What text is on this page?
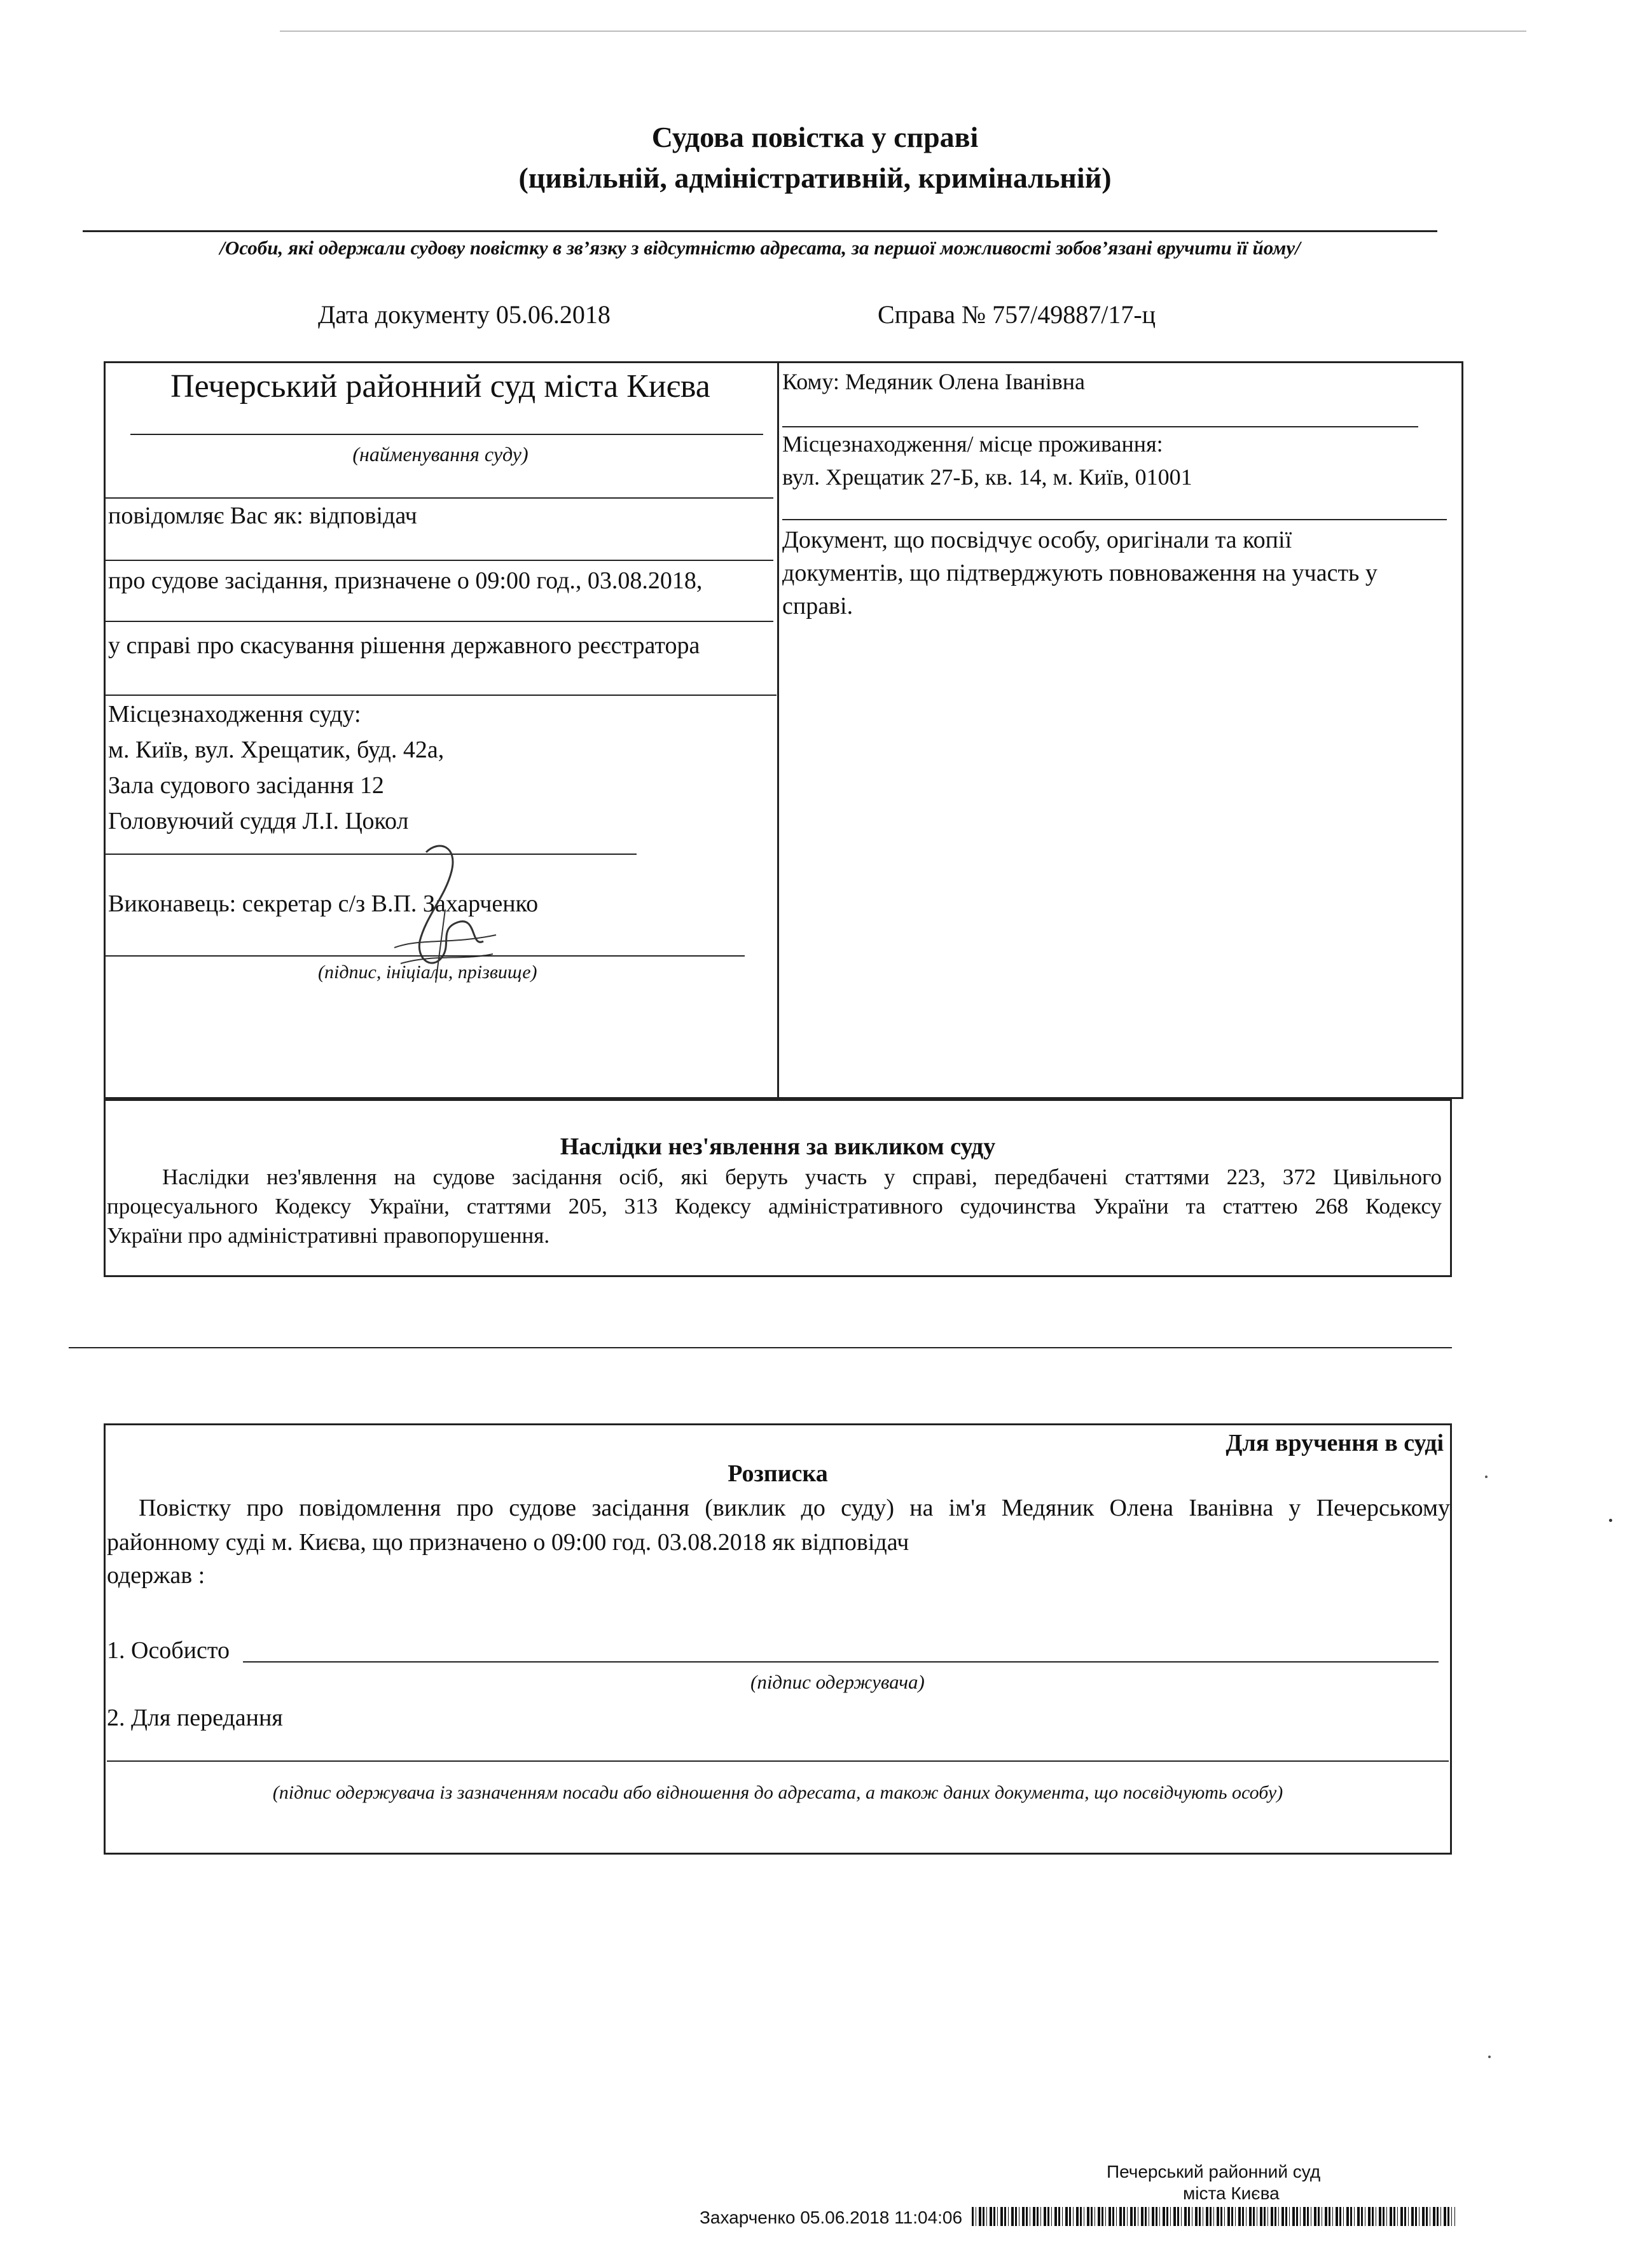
Судова повістка у справі
(цивільній, адміністративній, кримінальній)
/Особи, які одержали судову повістку в зв’язку з відсутністю адресата, за першої можливості зобов’язані вручити її йому/
Дата документу 05.06.2018	Справа № 757/49887/17-ц
Печерський районний суд міста Києва
(найменування суду)
повідомляє Вас як: відповідач
про судове засідання, призначене о 09:00 год., 03.08.2018,
у справі про скасування рішення державного реєстратора
Місцезнаходження суду:
м. Київ, вул. Хрещатик, буд. 42а,
Зала судового засідання 12
Головуючий суддя Л.І. Цокол
Виконавець: секретар с/з В.П. Захарченко
(підпис, ініціали, прізвище)
Кому: Медяник Олена Іванівна
Місцезнаходження/ місце проживання:
вул. Хрещатик 27-Б, кв. 14, м. Київ, 01001
Документ, що посвідчує особу, оригінали та копії
документів, що підтверджують повноваження на участь у
справі.
Наслідки нез'явлення за викликом суду
Наслідки нез'явлення на судове засідання осіб, які беруть участь у справі, передбачені статтями 223, 372 Цивільного
процесуального Кодексу України, статтями 205, 313 Кодексу адміністративного судочинства України та статтею 268 Кодексу
України про адміністративні правопорушення.
Для вручення в суді
Розписка
Повістку про повідомлення про судове засідання (виклик до суду) на ім'я Медяник Олена Іванівна у Печерському
районному суді м. Києва, що призначено о 09:00 год. 03.08.2018 як відповідач
одержав :
1. Особисто
(підпис одержувача)
2. Для передання
(підпис одержувача із зазначенням посади або відношення до адресата, а також даних документа, що посвідчують особу)
Печерський районний суд
міста Києва
Захарченко 05.06.2018 11:04:06
